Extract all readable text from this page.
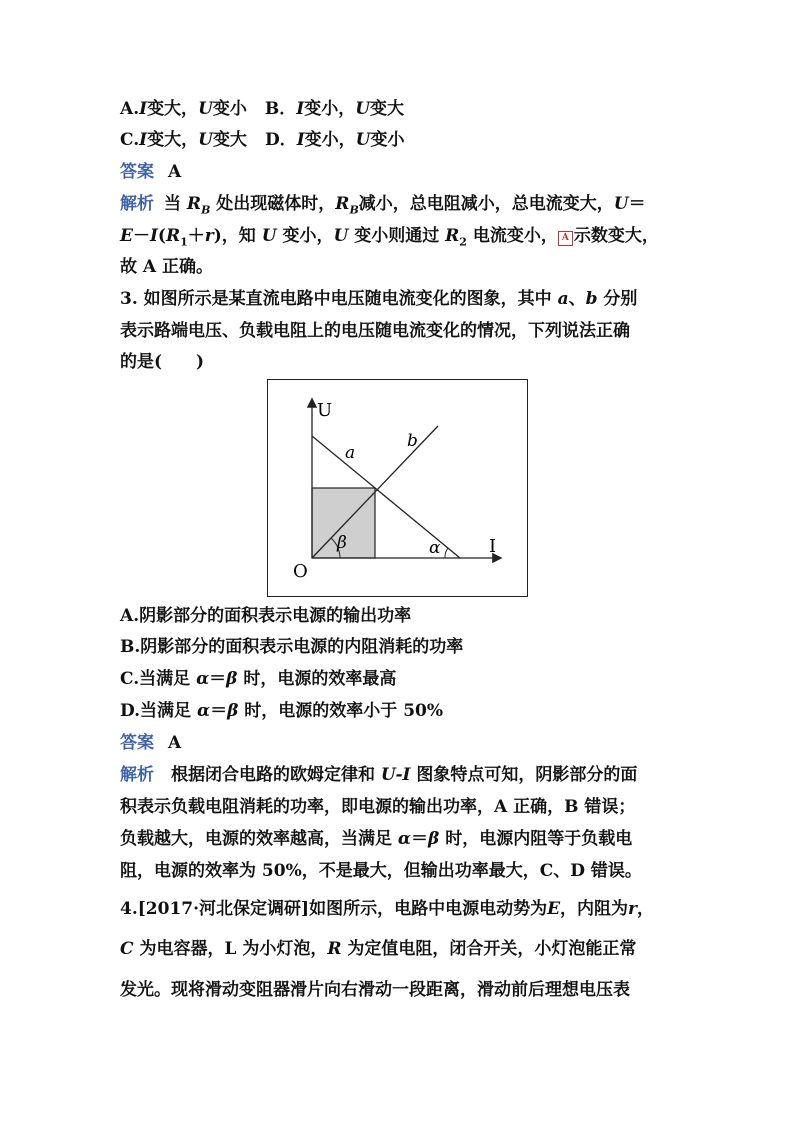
A.I变大，U变小 B．I变小，U变大
C.I变大，U变大 D．I变小，U变小
答案 A
解析 当 $R_B$ 处出现磁体时，$R_B$减小，总电阻减小，总电流变大，U＝
$E-I(R_1+r)$，知 U 变小，U 变小则通过 $R_2$ 电流变小， A 示数变大，
故 A 正确。
3. 如图所示是某直流电路中电压随电流变化的图象，其中 a、b 分别
表示路端电压、负载电阻上的电压随电流变化的情况，下列说法正确
的是(　　)
U
I
O
a
b
β	α
A.阴影部分的面积表示电源的输出功率
B.阴影部分的面积表示电源的内阻消耗的功率
C.当满足 α＝β 时，电源的效率最高
D.当满足 α＝β 时，电源的效率小于 50%
答案 A
解析　根据闭合电路的欧姆定律和 U-I 图象特点可知，阴影部分的面
积表示负载电阻消耗的功率，即电源的输出功率，A 正确，B 错误；
负载越大，电源的效率越高，当满足 α＝β 时，电源内阻等于负载电
阻，电源的效率为 50%，不是最大，但输出功率最大，C、D 错误。
4.[2017·河北保定调研]如图所示，电路中电源电动势为E，内阻为r，
C 为电容器，L 为小灯泡，R 为定值电阻，闭合开关，小灯泡能正常
发光。现将滑动变阻器滑片向右滑动一段距离，滑动前后理想电压表
